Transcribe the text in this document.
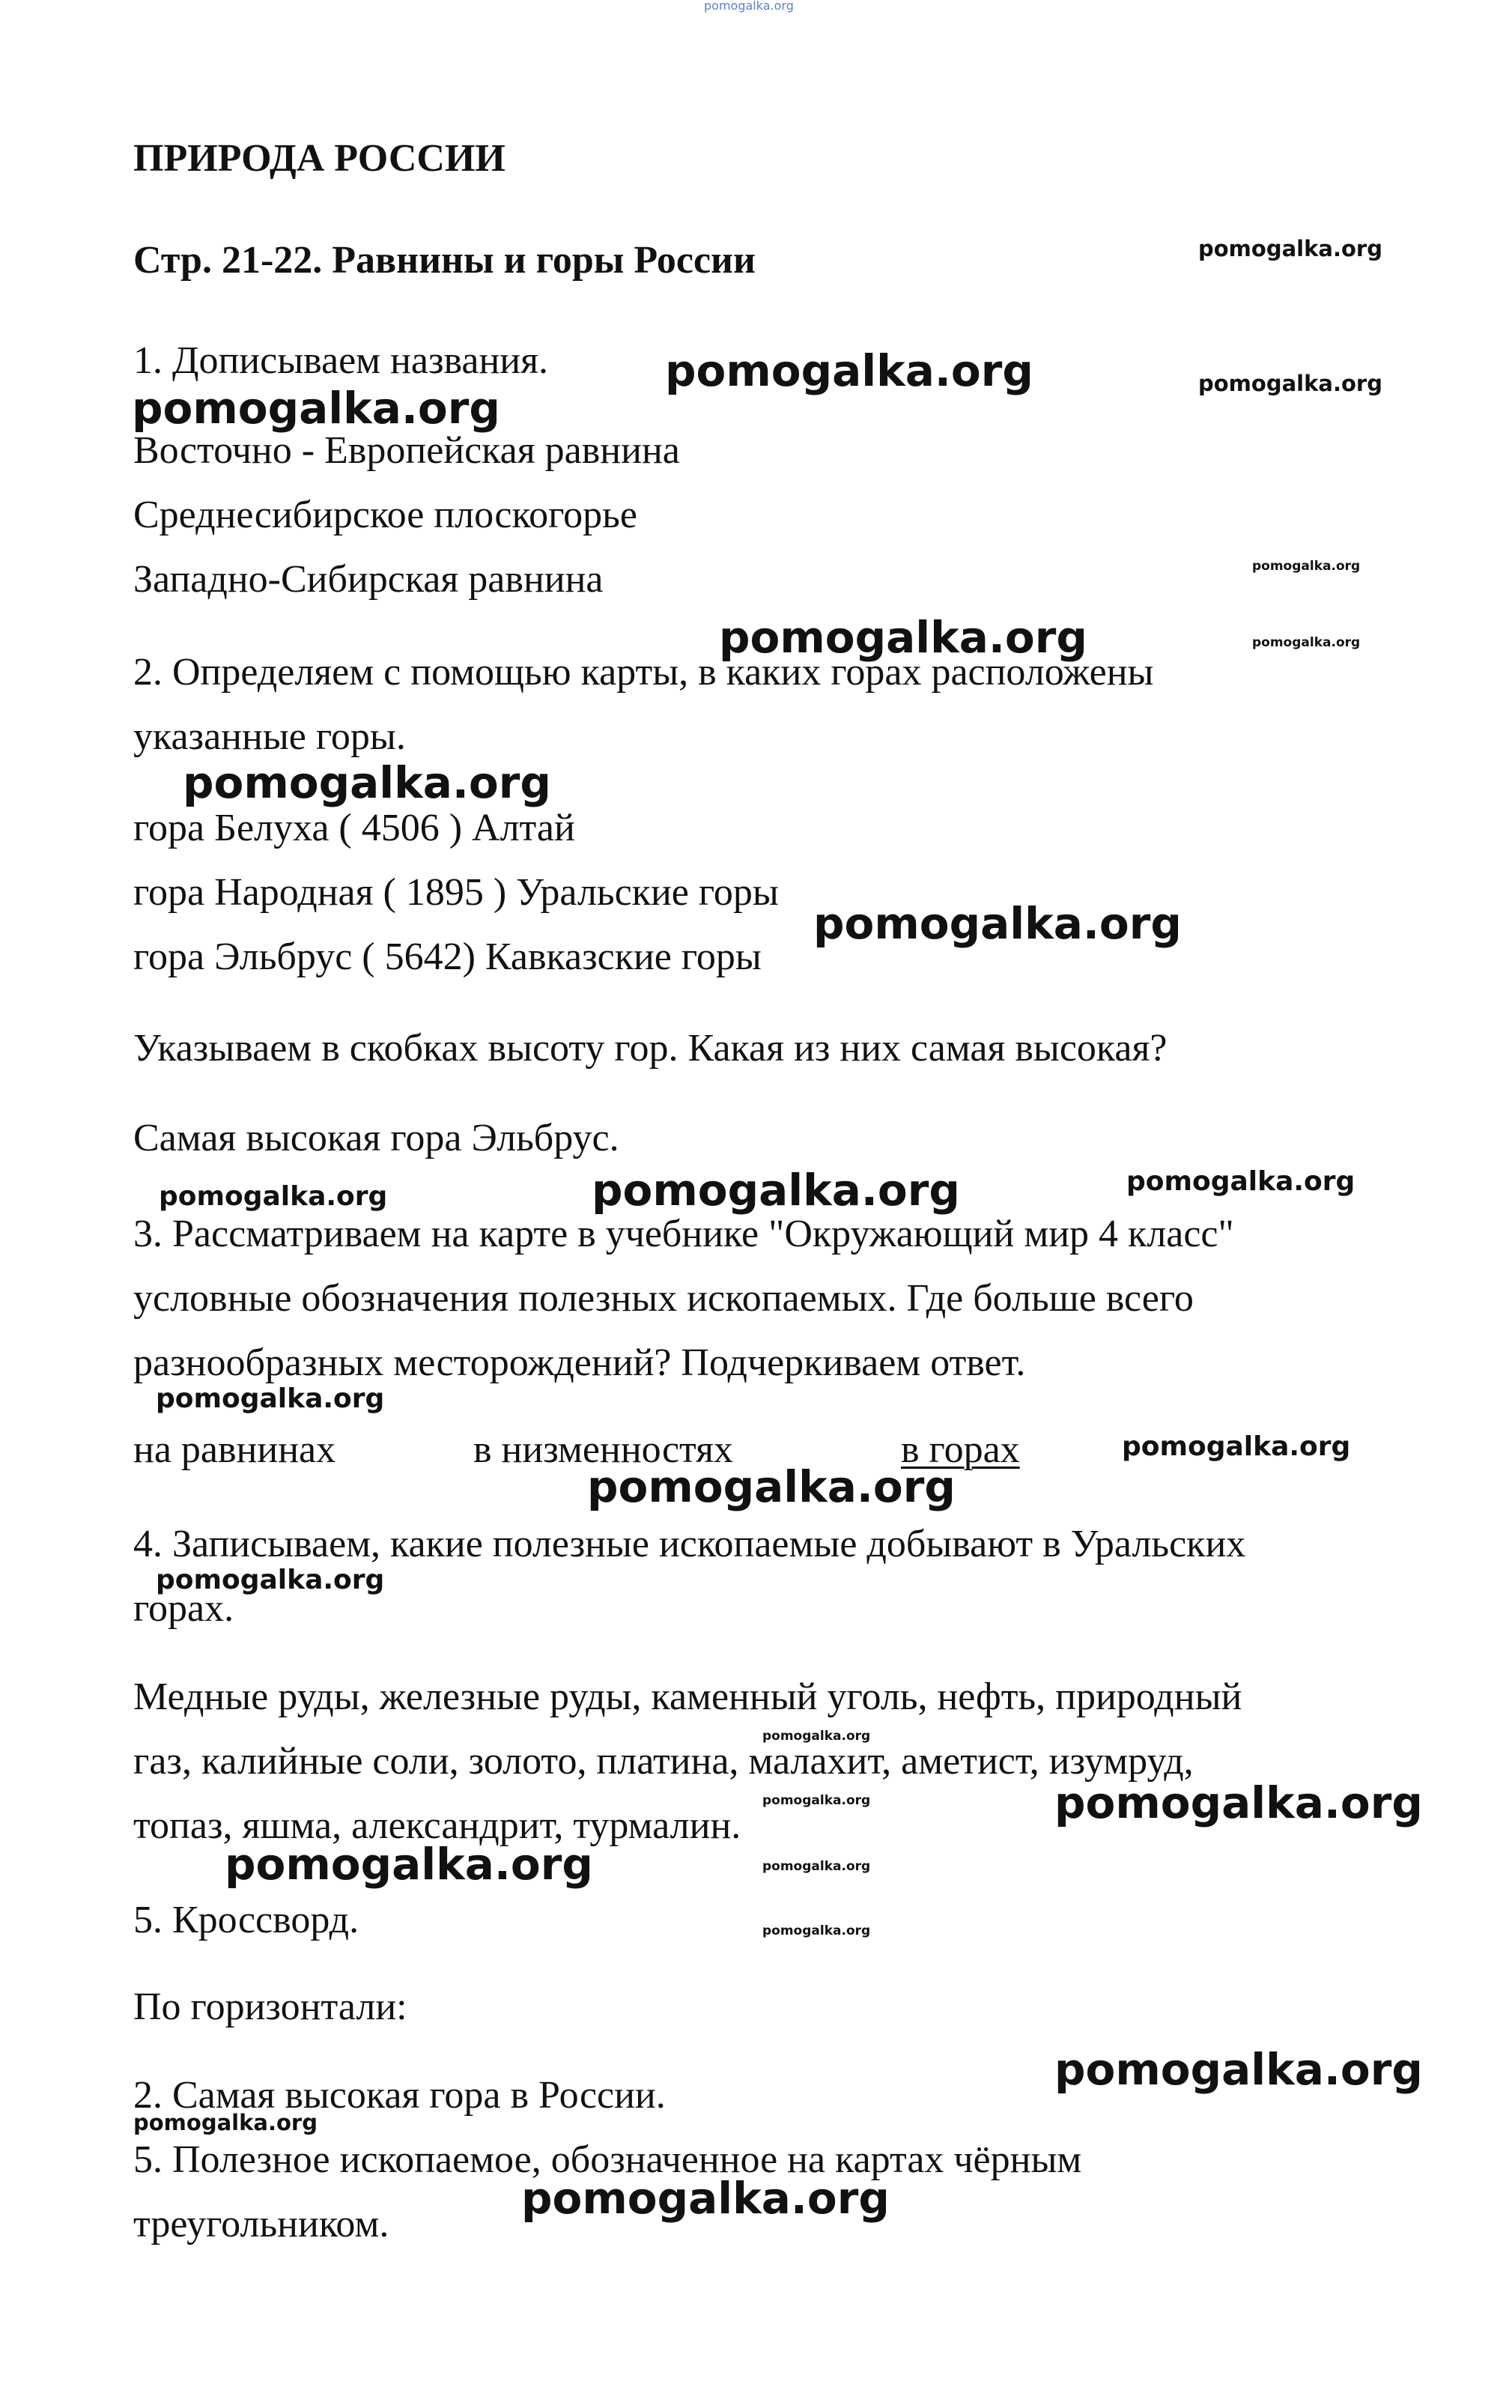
ПРИРОДА РОССИИ

Стр. 21-22. Равнины и горы России

1. Дописываем названия.

Восточно - Европейская равнина

Среднесибирское плоскогорье

Западно-Сибирская равнина

2. Определяем с помощью карты, в каких горах расположены

указанные горы.

гора Белуха ( 4506 ) Алтай

гора Народная ( 1895 ) Уральские горы

гора Эльбрус ( 5642) Кавказские горы

Указываем в скобках высоту гор. Какая из них самая высокая?

Самая высокая гора Эльбрус.

3. Рассматриваем на карте в учебнике "Окружающий мир 4 класс"

условные обозначения полезных ископаемых. Где больше всего

разнообразных месторождений? Подчеркиваем ответ.

на равнинах	в низменностях	в горах

4. Записываем, какие полезные ископаемые добывают в Уральских

горах.

Медные руды, железные руды, каменный уголь, нефть, природный

газ, калийные соли, золото, платина, малахит, аметист, изумруд,

топаз, яшма, александрит, турмалин.

5. Кроссворд.

По горизонтали:

2. Самая высокая гора в России.

5. Полезное ископаемое, обозначенное на картах чёрным

треугольником.

pomogalka.org
pomogalka.org
pomogalka.org
pomogalka.org
pomogalka.org
pomogalka.org
pomogalka.org
pomogalka.org
pomogalka.org
pomogalka.org
pomogalka.org	pomogalka.org	pomogalka.org
pomogalka.org
pomogalka.org
pomogalka.org
pomogalka.org
pomogalka.org
pomogalka.org
pomogalka.org
pomogalka.org
pomogalka.org
pomogalka.org
pomogalka.org
pomogalka.org
pomogalka.org
